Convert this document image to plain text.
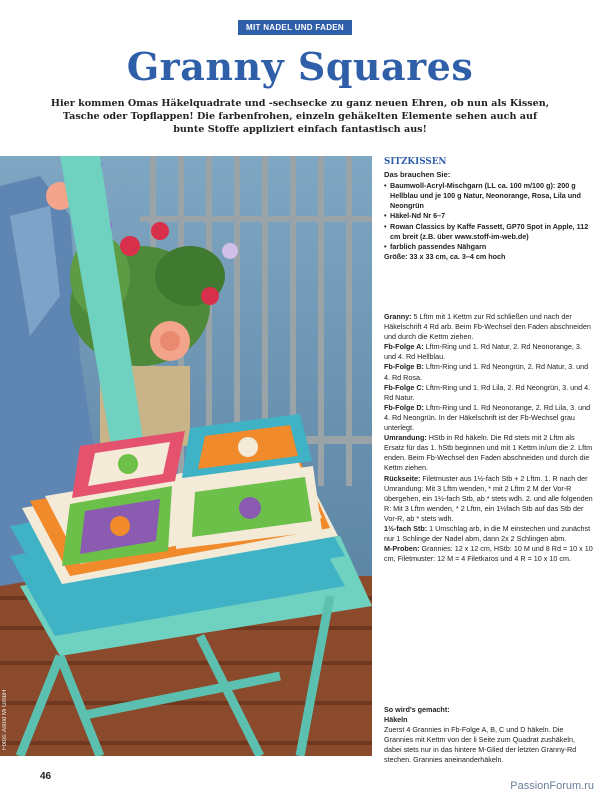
MIT NADEL UND FADEN
Granny Squares

Hier kommen Omas Häkelquadrate und -sechsecke zu ganz neuen Ehren, ob nun als Kissen, Tasche oder Topflappen! Die farbenfrohen, einzeln gehäkelten Elemente sehen auch auf bunte Stoffe appliziert einfach fantastisch aus!

Fotos: Astrid Mi GmbH
SITZKISSEN
Das brauchen Sie:
• Baumwoll-Acryl-Mischgarn (LL ca. 100 m/100 g): 200 g Hellblau und je 100 g Natur, Neonorange, Rosa, Lila und Neongrün
• Häkel-Nd Nr 6–7
• Rowan Classics by Kaffe Fassett, GP70 Spot in Apple, 112 cm breit (z.B. über www.stoff-im-web.de)
• farblich passendes Nähgarn
Größe: 33 x 33 cm, ca. 3–4 cm hoch

Granny: 5 Lftm mit 1 Kettm zur Rd schließen und nach der Häkelschrift 4 Rd arb. Beim Fb-Wechsel den Faden abschneiden und durch die Kettm ziehen.

Fb-Folge A: Lftm-Ring und 1. Rd Natur, 2. Rd Neonorange, 3. und 4. Rd Hellblau.

Fb-Folge B: Lftm-Ring und 1. Rd Neongrün, 2. Rd Natur, 3. und 4. Rd Rosa.

Fb-Folge C: Lftm-Ring und 1. Rd Lila, 2. Rd Neongrün, 3. und 4. Rd Natur.

Fb-Folge D: Lftm-Ring und 1. Rd Neonorange, 2. Rd Lila, 3. und 4. Rd Neongrün. In der Häkelschrift ist der Fb-Wechsel grau unterlegt.

Umrandung: HStb in Rd häkeln. Die Rd stets mit 2 Lftm als Ersatz für das 1. hStb beginnen und mit 1 Kettm in/um die 2. Lftm enden. Beim Fb-Wechsel den Faden abschneiden und durch die Kettm ziehen.

Rückseite: Filetmuster aus 1½-fach Stb + 2 Lftm. 1. R nach der Umrandung: Mit 3 Lftm wenden, * mit 2 Lftm 2 M der Vor-R übergehen, ein 1½-fach Stb, ab * stets wdh. 2. und alle folgenden R: Mit 3 Lftm wenden, * 2 Lftm, ein 1½fach Stb auf das Stb der Vor-R, ab * stets wdh.

1½-fach Stb: 1 Umschlag arb, in die M einstechen und zunächst nur 1 Schlinge der Nadel abm, dann 2x 2 Schlingen abm.

M-Proben: Grannies: 12 x 12 cm, HStb: 10 M und 8 Rd = 10 x 10 cm, Filetmuster: 12 M = 4 Filetkaros und 4 R = 10 x 10 cm.

So wird's gemacht:
Häkeln

Zuerst 4 Grannies in Fb-Folge A, B, C und D häkeln. Die Grannies mit Kettm von der li Seite zum Quadrat zushäkeln, dabei stets nur in das hintere M-Glied der letzten Granny-Rd stechen. Grannies aneinanderhäkeln.

46
PassionForum.ru
